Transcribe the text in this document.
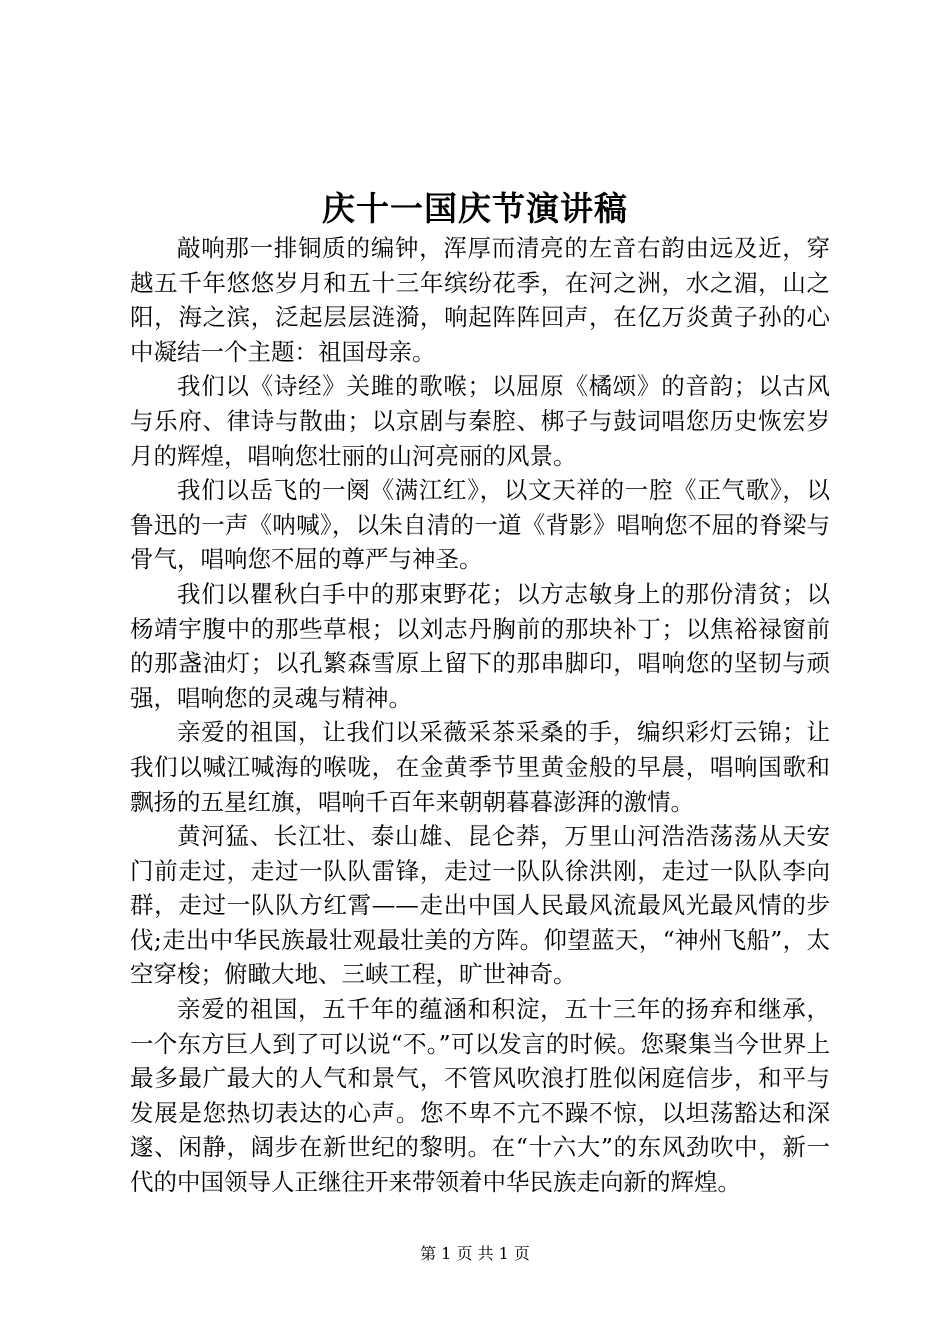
庆十一国庆节演讲稿

敲响那一排铜质的编钟，浑厚而清亮的左音右韵由远及近，穿越五千年悠悠岁月和五十三年缤纷花季，在河之洲，水之湄，山之阳，海之滨，泛起层层涟漪，响起阵阵回声，在亿万炎黄子孙的心中凝结一个主题：祖国母亲。

我们以《诗经》关雎的歌喉；以屈原《橘颂》的音韵；以古风与乐府、律诗与散曲；以京剧与秦腔、梆子与鼓词唱您历史恢宏岁月的辉煌，唱响您壮丽的山河亮丽的风景。

我们以岳飞的一阕《满江红》，以文天祥的一腔《正气歌》，以鲁迅的一声《呐喊》，以朱自清的一道《背影》唱响您不屈的脊梁与骨气，唱响您不屈的尊严与神圣。

我们以瞿秋白手中的那束野花；以方志敏身上的那份清贫；以杨靖宇腹中的那些草根；以刘志丹胸前的那块补丁；以焦裕禄窗前的那盏油灯；以孔繁森雪原上留下的那串脚印，唱响您的坚韧与顽强，唱响您的灵魂与精神。

亲爱的祖国，让我们以采薇采茶采桑的手，编织彩灯云锦；让我们以喊江喊海的喉咙，在金黄季节里黄金般的早晨，唱响国歌和飘扬的五星红旗，唱响千百年来朝朝暮暮澎湃的激情。

黄河猛、长江壮、泰山雄、昆仑莽，万里山河浩浩荡荡从天安门前走过，走过一队队雷锋，走过一队队徐洪刚，走过一队队李向群，走过一队队方红霄——走出中国人民最风流最风光最风情的步伐;走出中华民族最壮观最壮美的方阵。仰望蓝天，“神州飞船”，太空穿梭；俯瞰大地、三峡工程，旷世神奇。

亲爱的祖国，五千年的蕴涵和积淀，五十三年的扬弃和继承，一个东方巨人到了可以说“不。”可以发言的时候。您聚集当今世界上最多最广最大的人气和景气，不管风吹浪打胜似闲庭信步，和平与发展是您热切表达的心声。您不卑不亢不躁不惊，以坦荡豁达和深邃、闲静，阔步在新世纪的黎明。在“十六大”的东风劲吹中，新一代的中国领导人正继往开来带领着中华民族走向新的辉煌。

第 1 页 共 1 页
